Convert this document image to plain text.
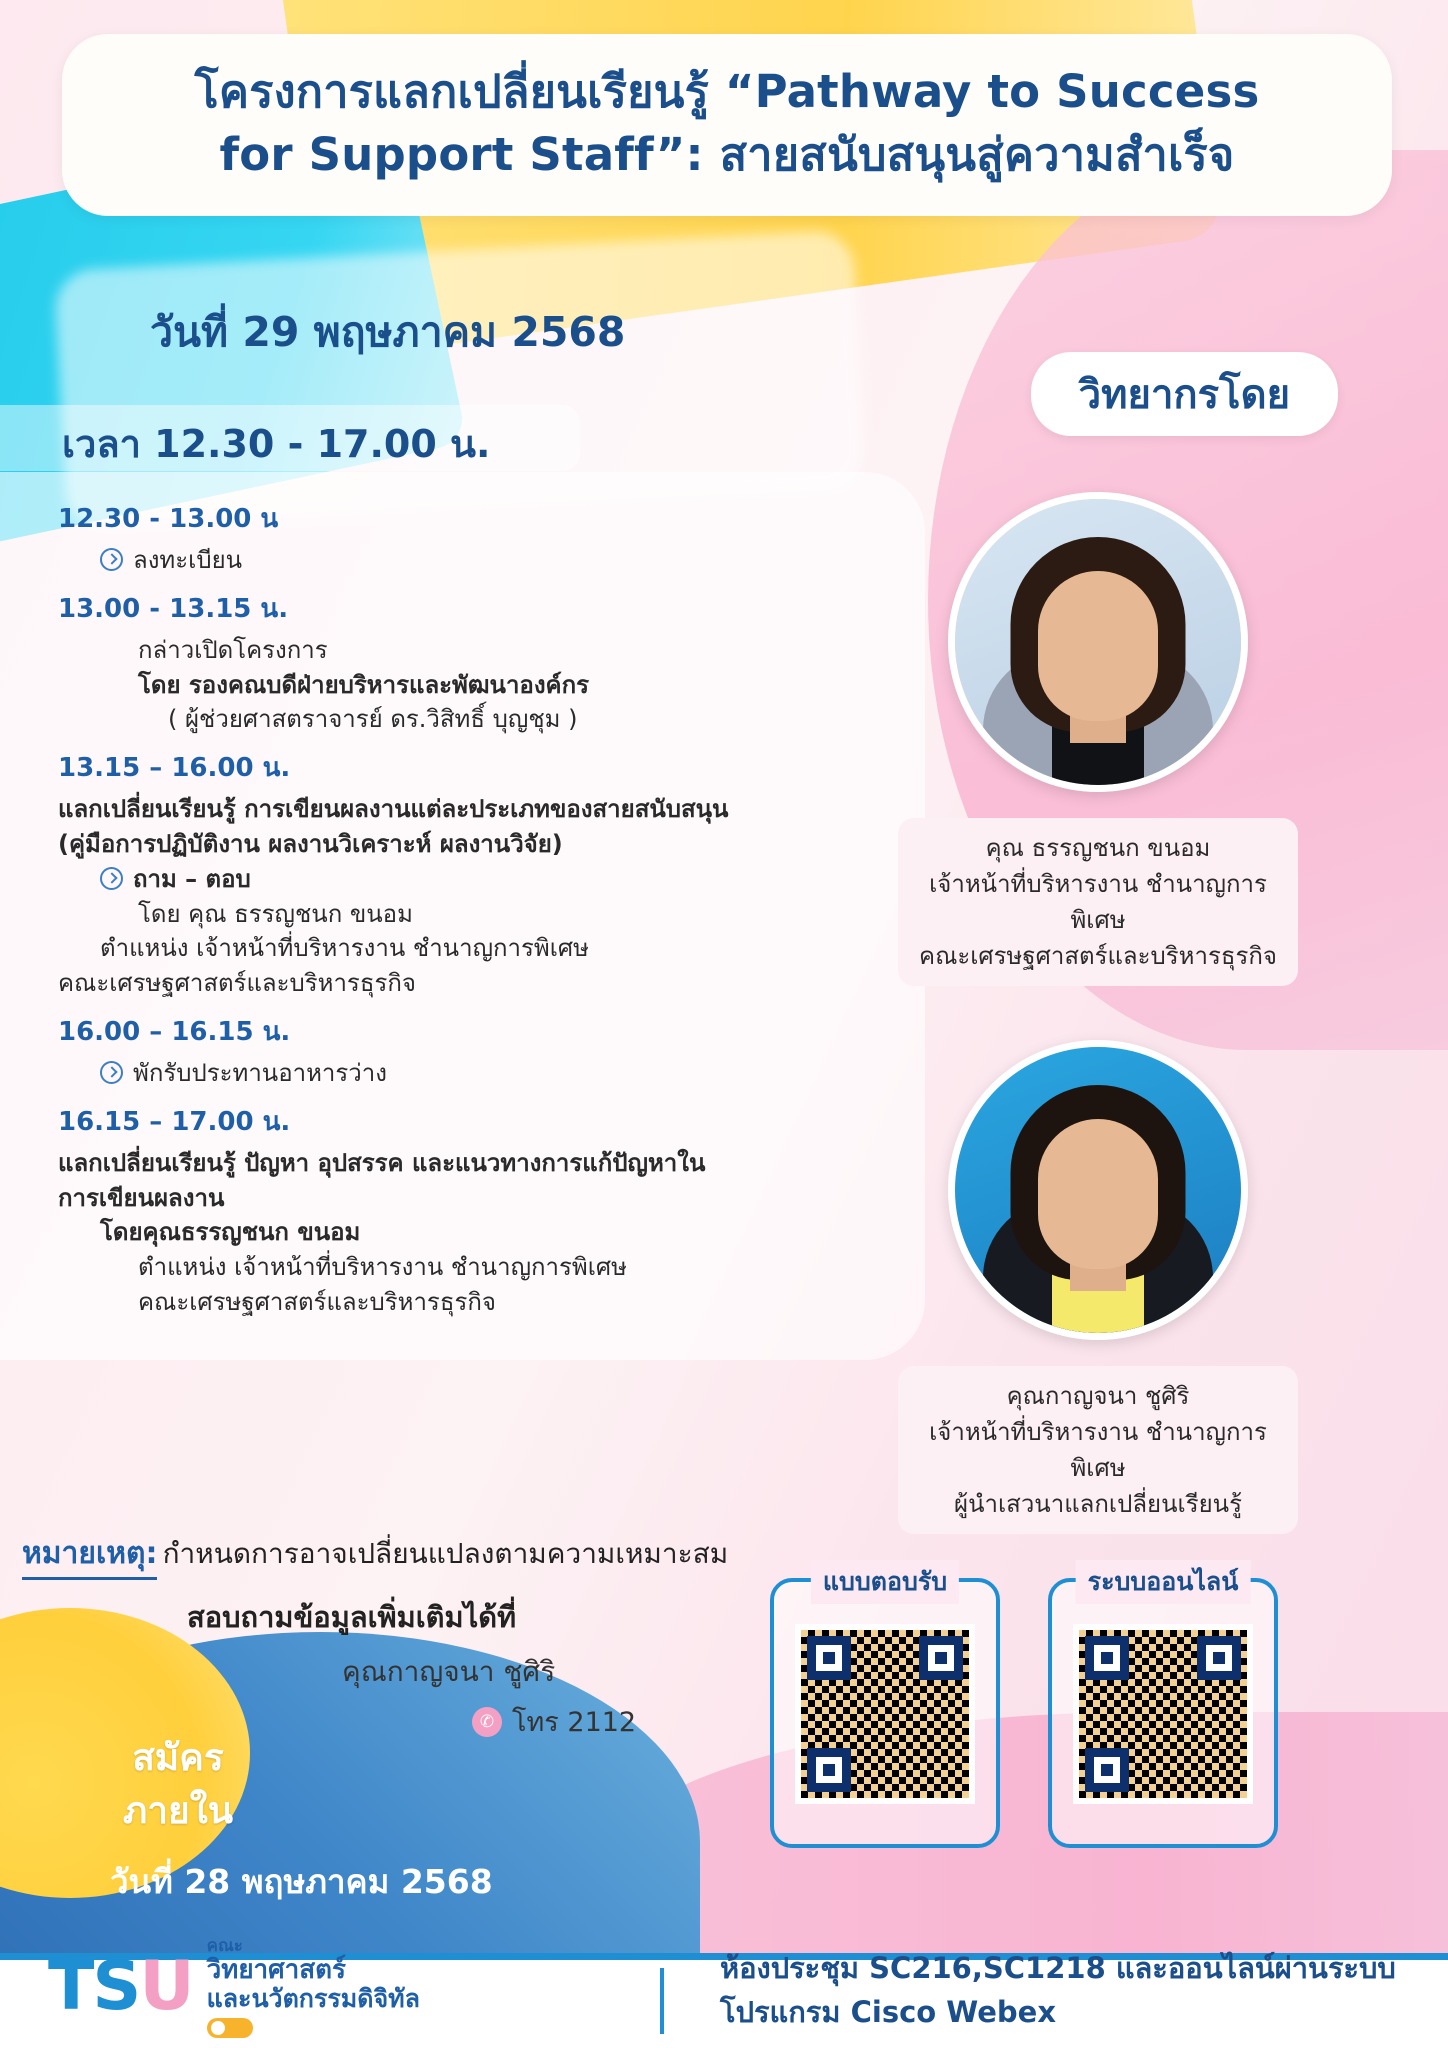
โครงการแลกเปลี่ยนเรียนรู้ “Pathway to Success
for Support Staff”: สายสนับสนุนสู่ความสำเร็จ
วันที่ 29 พฤษภาคม 2568
เวลา 12.30 - 17.00 น.
12.30 - 13.00 น
ลงทะเบียน
13.00 - 13.15 น.
กล่าวเปิดโครงการ
โดย รองคณบดีฝ่ายบริหารและพัฒนาองค์กร
( ผู้ช่วยศาสตราจารย์ ดร.วิสิทธิ์ บุญชุม )
13.15 – 16.00 น.
แลกเปลี่ยนเรียนรู้ การเขียนผลงานแต่ละประเภทของสายสนับสนุน
(คู่มือการปฏิบัติงาน ผลงานวิเคราะห์ ผลงานวิจัย)
ถาม – ตอบ
โดย คุณ ธรรญชนก ขนอม
ตำแหน่ง เจ้าหน้าที่บริหารงาน ชำนาญการพิเศษ
คณะเศรษฐศาสตร์และบริหารธุรกิจ
16.00 – 16.15 น.
พักรับประทานอาหารว่าง
16.15 – 17.00 น.
แลกเปลี่ยนเรียนรู้ ปัญหา อุปสรรค และแนวทางการแก้ปัญหาใน
การเขียนผลงาน
โดยคุณธรรญชนก ขนอม
ตำแหน่ง เจ้าหน้าที่บริหารงาน ชำนาญการพิเศษ
คณะเศรษฐศาสตร์และบริหารธุรกิจ
หมายเหตุ: กำหนดการอาจเปลี่ยนแปลงตามความเหมาะสม
สอบถามข้อมูลเพิ่มเติมได้ที่
คุณกาญจนา ชูศิริ
✆ โทร 2112
สมัคร
ภายใน
วันที่ 28 พฤษภาคม 2568
วิทยากรโดย
คุณ ธรรญชนก ขนอม
เจ้าหน้าที่บริหารงาน ชำนาญการพิเศษ
คณะเศรษฐศาสตร์และบริหารธุรกิจ
คุณกาญจนา ชูศิริ
เจ้าหน้าที่บริหารงาน ชำนาญการพิเศษ
ผู้นำเสวนาแลกเปลี่ยนเรียนรู้
แบบตอบรับ	ระบบออนไลน์
TSU
คณะ
วิทยาศาสตร์
และนวัตกรรมดิจิทัล
ห้องประชุม SC216,SC1218 และออนไลน์ผ่านระบบ
โปรแกรม Cisco Webex
